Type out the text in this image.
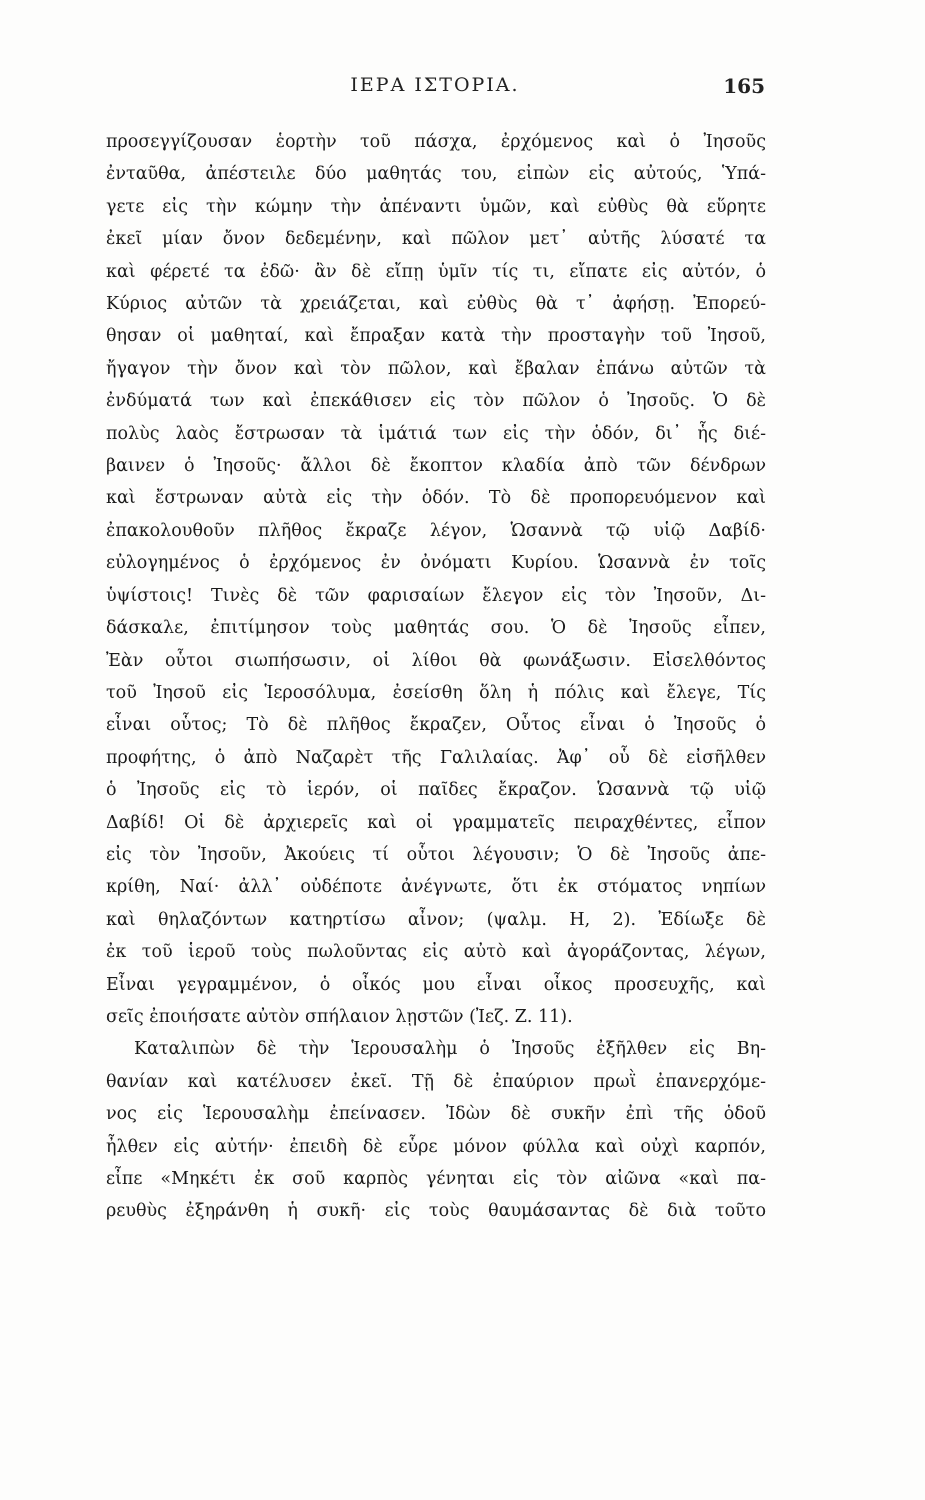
ΙΕΡΑ ΙΣΤΟΡΙΑ.	165
προσεγγίζουσαν ἑορτὴν τοῦ πάσχα, ἐρχόμενος καὶ ὁ Ἰησοῦς
ἐνταῦθα, ἀπέστειλε δύο μαθητάς του, εἰπὼν εἰς αὐτούς, Ὑπά-
γετε εἰς τὴν κώμην τὴν ἀπέναντι ὑμῶν, καὶ εὐθὺς θὰ εὕρητε
ἐκεῖ μίαν ὄνον δεδεμένην, καὶ πῶλον μετ᾽ αὐτῆς λύσατέ τα
καὶ φέρετέ τα ἐδῶ· ἂν δὲ εἴπῃ ὑμῖν τίς τι, εἴπατε εἰς αὐτόν, ὁ
Κύριος αὐτῶν τὰ χρειάζεται, καὶ εὐθὺς θὰ τ᾽ ἀφήσῃ. Ἐπορεύ-
θησαν οἱ μαθηταί, καὶ ἔπραξαν κατὰ τὴν προσταγὴν τοῦ Ἰησοῦ,
ἤγαγον τὴν ὄνον καὶ τὸν πῶλον, καὶ ἔβαλαν ἐπάνω αὐτῶν τὰ
ἐνδύματά των καὶ ἐπεκάθισεν εἰς τὸν πῶλον ὁ Ἰησοῦς. Ὁ δὲ
πολὺς λαὸς ἔστρωσαν τὰ ἱμάτιά των εἰς τὴν ὁδόν, δι᾽ ἧς διέ-
βαινεν ὁ Ἰησοῦς· ἄλλοι δὲ ἔκοπτον κλαδία ἀπὸ τῶν δένδρων
καὶ ἔστρωναν αὐτὰ εἰς τὴν ὁδόν. Τὸ δὲ προπορευόμενον καὶ
ἐπακολουθοῦν πλῆθος ἔκραζε λέγον, Ὡσαννὰ τῷ υἱῷ Δαβίδ·
εὐλογημένος ὁ ἐρχόμενος ἐν ὀνόματι Κυρίου. Ὡσαννὰ ἐν τοῖς
ὑψίστοις! Τινὲς δὲ τῶν φαρισαίων ἔλεγον εἰς τὸν Ἰησοῦν, Δι-
δάσκαλε, ἐπιτίμησον τοὺς μαθητάς σου. Ὁ δὲ Ἰησοῦς εἶπεν,
Ἐὰν οὗτοι σιωπήσωσιν, οἱ λίθοι θὰ φωνάξωσιν. Εἰσελθόντος
τοῦ Ἰησοῦ εἰς Ἱεροσόλυμα, ἐσείσθη ὅλη ἡ πόλις καὶ ἔλεγε, Τίς
εἶναι οὗτος; Τὸ δὲ πλῆθος ἔκραζεν, Οὗτος εἶναι ὁ Ἰησοῦς ὁ
προφήτης, ὁ ἀπὸ Ναζαρὲτ τῆς Γαλιλαίας. Ἀφ᾽ οὗ δὲ εἰσῆλθεν
ὁ Ἰησοῦς εἰς τὸ ἱερόν, οἱ παῖδες ἔκραζον. Ὡσαννὰ τῷ υἱῷ
Δαβίδ! Οἱ δὲ ἀρχιερεῖς καὶ οἱ γραμματεῖς πειραχθέντες, εἶπον
εἰς τὸν Ἰησοῦν, Ἀκούεις τί οὗτοι λέγουσιν; Ὁ δὲ Ἰησοῦς ἀπε-
κρίθη, Ναί· ἀλλ᾽ οὐδέποτε ἀνέγνωτε, ὅτι ἐκ στόματος νηπίων
καὶ θηλαζόντων κατηρτίσω αἶνον; (ψαλμ. Η, 2). Ἐδίωξε δὲ
ἐκ τοῦ ἱεροῦ τοὺς πωλοῦντας εἰς αὐτὸ καὶ ἀγοράζοντας, λέγων,
Εἶναι γεγραμμένον, ὁ οἶκός μου εἶναι οἶκος προσευχῆς, καὶ
σεῖς ἐποιήσατε αὐτὸν σπήλαιον λῃστῶν (Ἰεζ. Ζ. 11).
Καταλιπὼν δὲ τὴν Ἱερουσαλὴμ ὁ Ἰησοῦς ἐξῆλθεν εἰς Βη-
θανίαν καὶ κατέλυσεν ἐκεῖ. Τῇ δὲ ἐπαύριον πρωῒ ἐπανερχόμε-
νος εἰς Ἱερουσαλὴμ ἐπείνασεν. Ἰδὼν δὲ συκῆν ἐπὶ τῆς ὁδοῦ
ἦλθεν εἰς αὐτήν· ἐπειδὴ δὲ εὗρε μόνον φύλλα καὶ οὐχὶ καρπόν,
εἶπε «Μηκέτι ἐκ σοῦ καρπὸς γένηται εἰς τὸν αἰῶνα «καὶ πα-
ρευθὺς ἐξηράνθη ἡ συκῆ· εἰς τοὺς θαυμάσαντας δὲ διὰ τοῦτο
